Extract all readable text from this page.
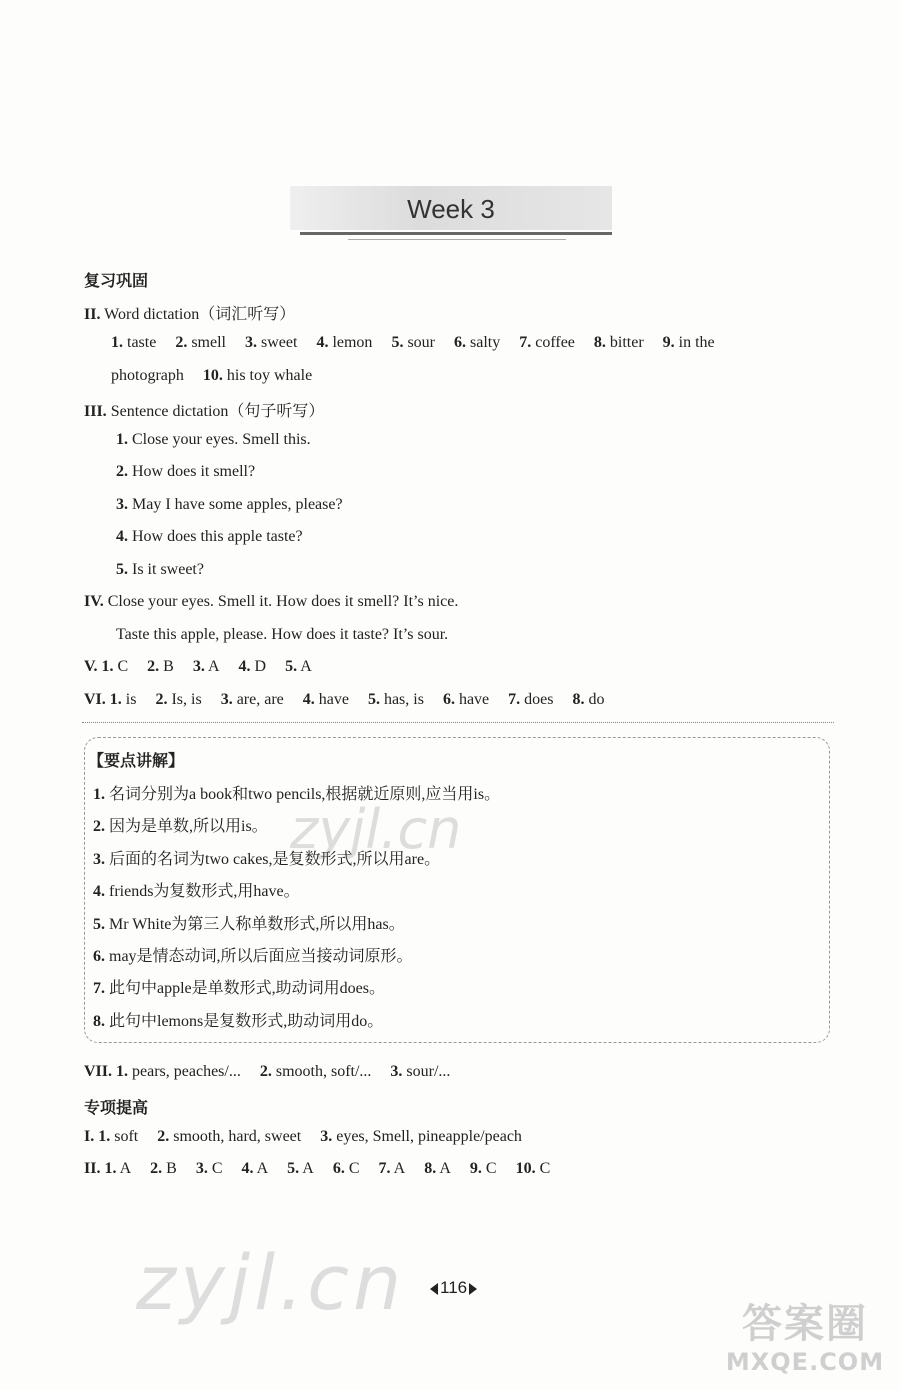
Week 3
复习巩固
II. Word dictation（词汇听写）
1. taste 2. smell 3. sweet 4. lemon 5. sour 6. salty 7. coffee 8. bitter 9. in the
photograph 10. his toy whale
III. Sentence dictation（句子听写）
1. Close your eyes. Smell this.
2. How does it smell?
3. May I have some apples, please?
4. How does this apple taste?
5. Is it sweet?
IV. Close your eyes. Smell it. How does it smell? It’s nice.
Taste this apple, please. How does it taste? It’s sour.
V. 1. C 2. B 3. A 4. D 5. A
VI. 1. is 2. Is, is 3. are, are 4. have 5. has, is 6. have 7. does 8. do
1. 名词分别为a book和two pencils,根据就近原则,应当用is。
2. 因为是单数,所以用is。
3. 后面的名词为two cakes,是复数形式,所以用are。
4. friends为复数形式,用have。
5. Mr White为第三人称单数形式,所以用has。
6. may是情态动词,所以后面应当接动词原形。
7. 此句中apple是单数形式,助动词用does。
8. 此句中lemons是复数形式,助动词用do。
【要点讲解】
zyjl.cn
VII. 1. pears, peaches/... 2. smooth, soft/... 3. sour/...
专项提高
I. 1. soft 2. smooth, hard, sweet 3. eyes, Smell, pineapple/peach
II. 1. A 2. B 3. C 4. A 5. A 6. C 7. A 8. A 9. C 10. C
zyjl.cn	116
答案圈
MXQE.COM
